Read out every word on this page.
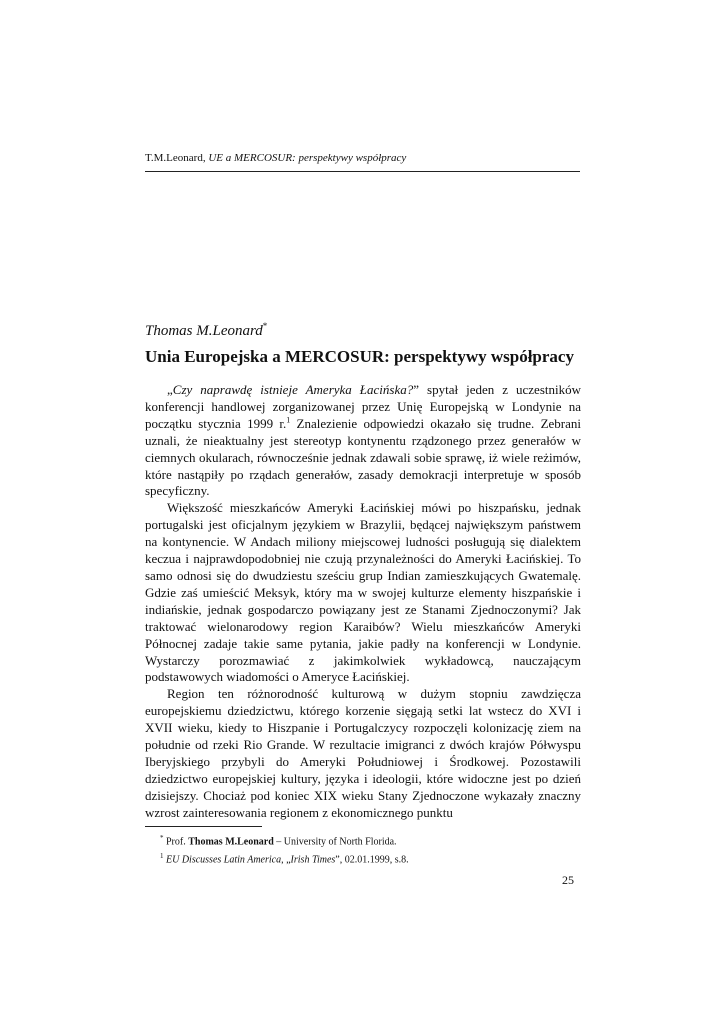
T.M.Leonard, UE a MERCOSUR: perspektywy współpracy
Thomas M.Leonard*
Unia Europejska a MERCOSUR: perspektywy współpracy

„Czy naprawdę istnieje Ameryka Łacińska?” spytał jeden z uczestników konferencji handlowej zorganizowanej przez Unię Europejską w Londynie na początku stycznia 1999 r.$^1$ Znalezienie odpowiedzi okazało się trudne. Zebrani uznali, że nieaktualny jest stereotyp kontynentu rządzonego przez generałów w ciemnych okularach, równocześnie jednak zdawali sobie sprawę, iż wiele reżimów, które nastąpiły po rządach generałów, zasady demokracji interpretuje w sposób specyficzny.

Większość mieszkańców Ameryki Łacińskiej mówi po hiszpańsku, jednak portugalski jest oficjalnym językiem w Brazylii, będącej największym państwem na kontynencie. W Andach miliony miejscowej ludności posługują się dialektem keczua i najprawdopodobniej nie czują przynależności do Ameryki Łacińskiej. To samo odnosi się do dwudziestu sześciu grup Indian zamieszkujących Gwatemalę. Gdzie zaś umieścić Meksyk, który ma w swojej kulturze elementy hiszpańskie i indiańskie, jednak gospodarczo powiązany jest ze Stanami Zjednoczonymi? Jak traktować wielonarodowy region Karaibów? Wielu mieszkańców Ameryki Północnej zadaje takie same pytania, jakie padły na konferencji w Londynie. Wystarczy porozmawiać z jakimkolwiek wykładowcą, nauczającym podstawowych wiadomości o Ameryce Łacińskiej.

Region ten różnorodność kulturową w dużym stopniu zawdzięcza europejskiemu dziedzictwu, którego korzenie sięgają setki lat wstecz do XVI i XVII wieku, kiedy to Hiszpanie i Portugalczycy rozpoczęli kolonizację ziem na południe od rzeki Rio Grande. W rezultacie imigranci z dwóch krajów Półwyspu Iberyjskiego przybyli do Ameryki Południowej i Środkowej. Pozostawili dziedzictwo europejskiej kultury, języka i ideologii, które widoczne jest po dzień dzisiejszy. Chociaż pod koniec XIX wieku Stany Zjednoczone wykazały znaczny wzrost zainteresowania regionem z ekonomicznego punktu

* Prof. Thomas M.Leonard – University of North Florida.
$^1$ EU Discusses Latin America, „Irish Times”, 02.01.1999, s.8.
25
